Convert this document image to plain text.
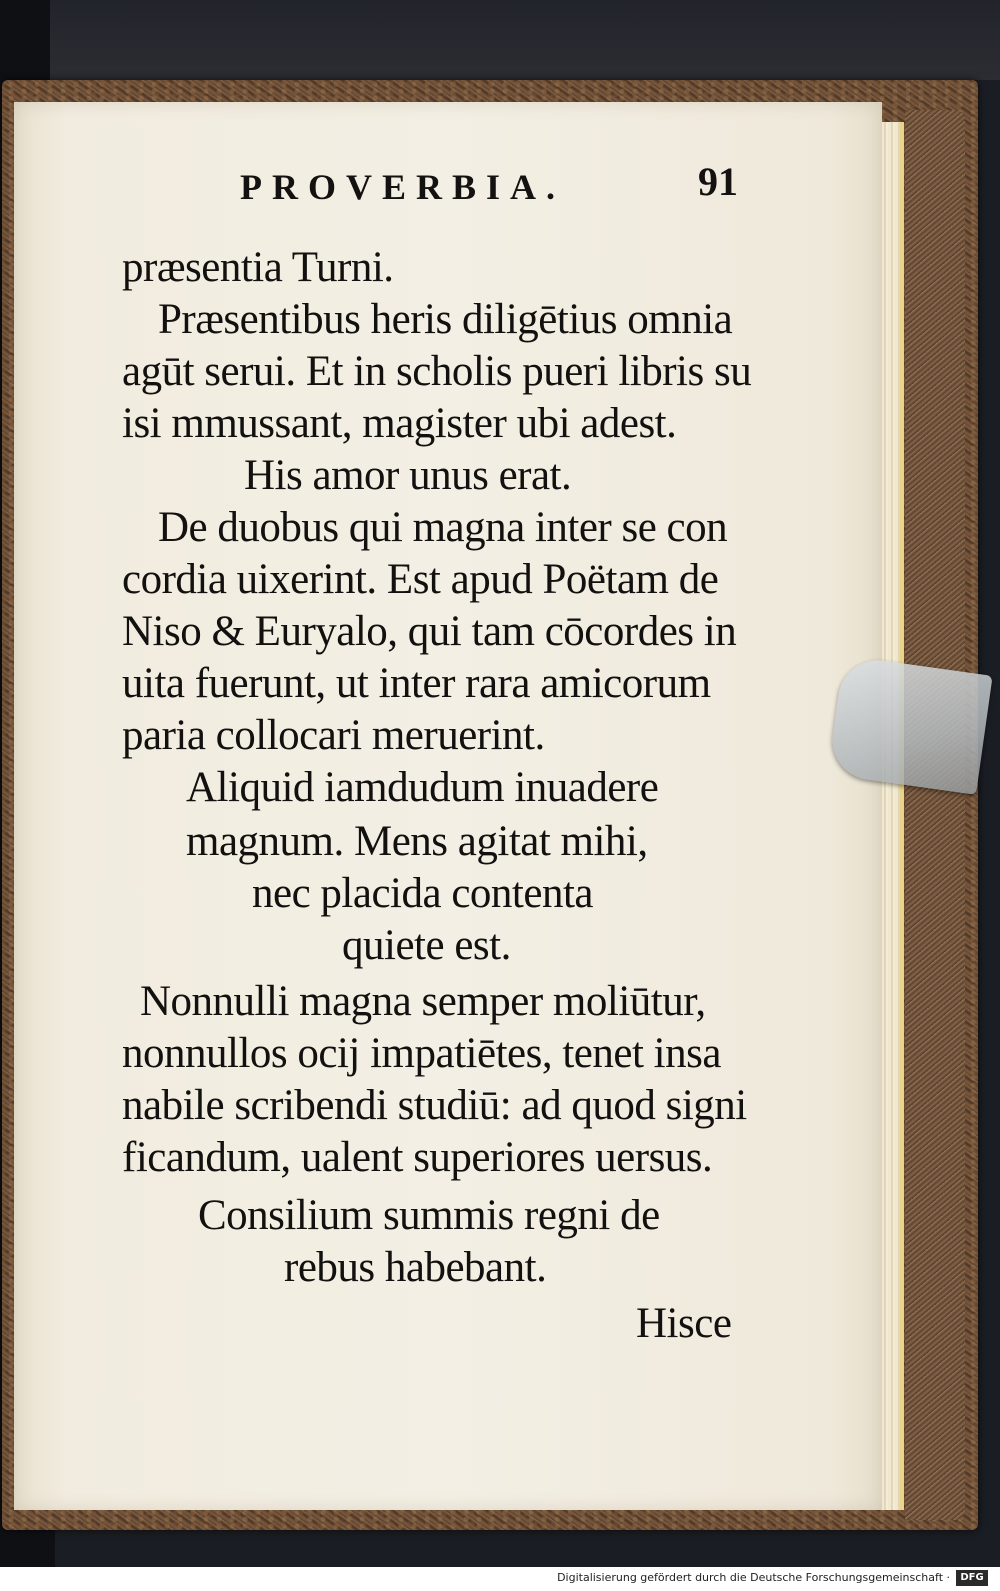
PROVERBIA.	91
præsentia Turni.
Præsentibus heris diligētius omnia
agūt serui. Et in scholis pueri libris su
isi mmussant, magister ubi adest.
His amor unus erat.
De duobus qui magna inter se con
cordia uixerint. Est apud Poëtam de
Niso & Euryalo, qui tam cōcordes in
uita fuerunt, ut inter rara amicorum
paria collocari meruerint.
Aliquid iamdudum inuadere
magnum. Mens agitat mihi,
nec placida contenta
quiete est.
Nonnulli magna semper moliūtur,
nonnullos ocij impatiētes, tenet insa
nabile scribendi studiū: ad quod signi
ficandum, ualent superiores uersus.
Consilium summis regni de
rebus habebant.
Hisce
Digitalisierung gefördert durch die Deutsche Forschungsgemeinschaft ·	DFG
